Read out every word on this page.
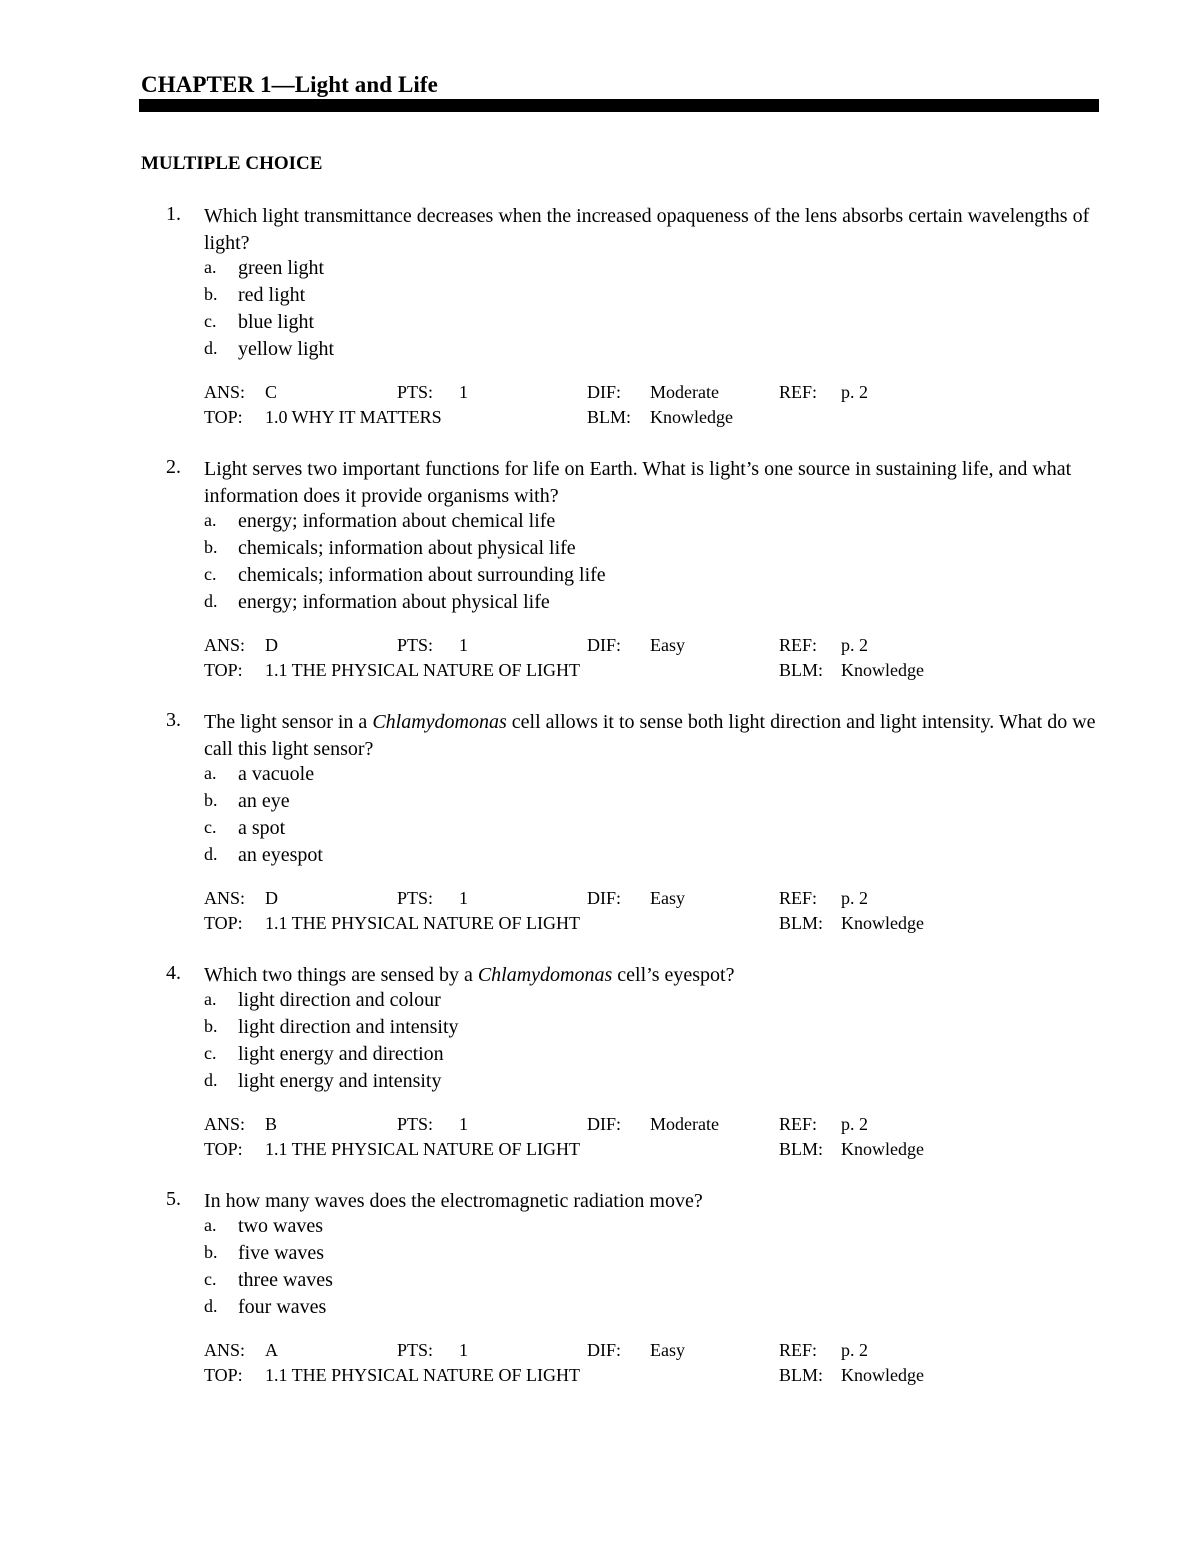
CHAPTER 1—Light and Life
MULTIPLE CHOICE
1. Which light transmittance decreases when the increased opaqueness of the lens absorbs certain wavelengths of light?
a. green light
b. red light
c. blue light
d. yellow light
ANS: C	PTS: 1	DIF: Moderate	REF: p. 2
TOP: 1.0 WHY IT MATTERS	BLM: Knowledge
2. Light serves two important functions for life on Earth. What is light’s one source in sustaining life, and what information does it provide organisms with?
a. energy; information about chemical life
b. chemicals; information about physical life
c. chemicals; information about surrounding life
d. energy; information about physical life
ANS: D	PTS: 1	DIF: Easy	REF: p. 2
TOP: 1.1 THE PHYSICAL NATURE OF LIGHT	BLM: Knowledge
3. The light sensor in a Chlamydomonas cell allows it to sense both light direction and light intensity. What do we call this light sensor?
a. a vacuole
b. an eye
c. a spot
d. an eyespot
ANS: D	PTS: 1	DIF: Easy	REF: p. 2
TOP: 1.1 THE PHYSICAL NATURE OF LIGHT	BLM: Knowledge
4. Which two things are sensed by a Chlamydomonas cell’s eyespot?
a. light direction and colour
b. light direction and intensity
c. light energy and direction
d. light energy and intensity
ANS: B	PTS: 1	DIF: Moderate	REF: p. 2
TOP: 1.1 THE PHYSICAL NATURE OF LIGHT	BLM: Knowledge
5. In how many waves does the electromagnetic radiation move?
a. two waves
b. five waves
c. three waves
d. four waves
ANS: A	PTS: 1	DIF: Easy	REF: p. 2
TOP: 1.1 THE PHYSICAL NATURE OF LIGHT	BLM: Knowledge
